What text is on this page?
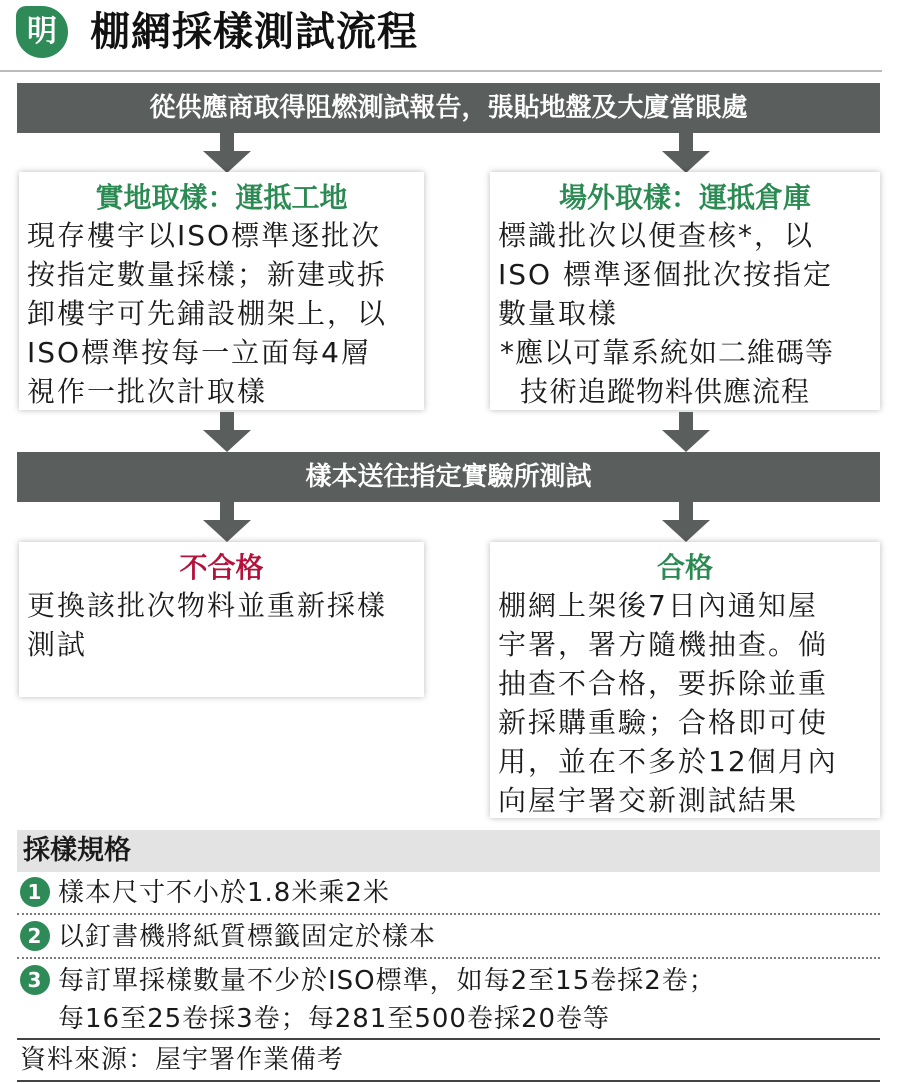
明 棚網採樣測試流程
從供應商取得阻燃測試報告，張貼地盤及大廈當眼處
實地取樣：運抵工地
現存樓宇以ISO標準逐批次
按指定數量採樣；新建或拆
卸樓宇可先鋪設棚架上，以
ISO標準按每一立面每4層
視作一批次計取樣
場外取樣：運抵倉庫
標識批次以便查核*，以
ISO 標準逐個批次按指定
數量取樣
*應以可靠系統如二維碼等
技術追蹤物料供應流程
樣本送往指定實驗所測試
不合格
更換該批次物料並重新採樣
測試
合格
棚網上架後7日內通知屋
宇署，署方隨機抽查。倘
抽查不合格，要拆除並重
新採購重驗；合格即可使
用，並在不多於12個月內
向屋宇署交新測試結果
採樣規格
1 樣本尺寸不小於1.8米乘2米
2 以釘書機將紙質標籤固定於樣本
3 每訂單採樣數量不少於ISO標準，如每2至15卷採2卷；
每16至25卷採3卷；每281至500卷採20卷等
資料來源：屋宇署作業備考
